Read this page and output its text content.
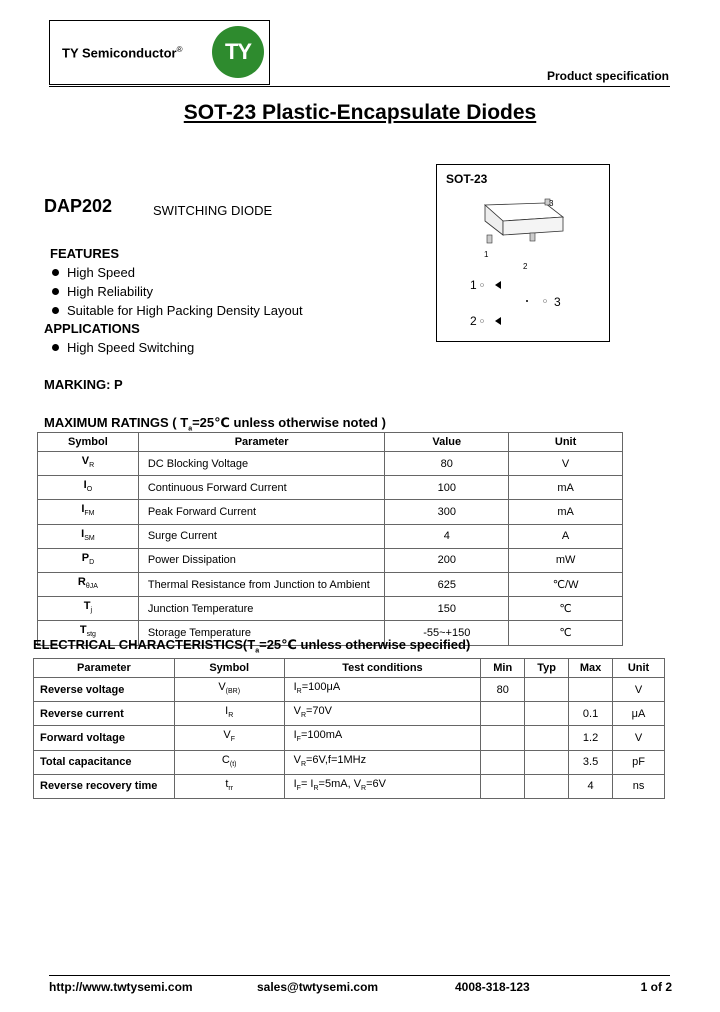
TY Semiconductor®	TY
Product specification
SOT-23 Plastic-Encapsulate Diodes
DAP202	SWITCHING DIODE
FEATURES
High Speed
High Reliability
Suitable for High Packing Density Layout
APPLICATIONS
High Speed Switching
MARKING: P
SOT-23
3
1
2
1
3
2
MAXIMUM RATINGS ( $T_a=25℃$ unless otherwise noted )
Symbol	Parameter	Value	Unit
$V_R$	DC Blocking Voltage	80	V
$I_O$	Continuous Forward Current	100	mA
$I_{FM}$	Peak Forward Current	300	mA
$I_{SM}$	Surge Current	4	A
$P_D$	Power Dissipation	200	mW
$R_{\theta JA}$	Thermal Resistance from Junction to Ambient	625	℃/W
$T_j$	Junction Temperature	150	℃
$T_{stg}$	Storage Temperature	-55~+150	℃
ELECTRICAL $CHARACTERISTICS(T_a=25℃$ unless otherwise specified)
Parameter	Symbol	Test conditions	Min	Typ	Max	Unit
Reverse voltage	$V_{(BR)}$	$I_R=100\mu A$	80			V
Reverse current	$I_R$	$V_R=70V$			0.1	μA
Forward voltage	$V_F$	$I_F=100mA$			1.2	V
Total capacitance	$C_{(t)}$	$V_R=6V,f=1MHz$			3.5	pF
Reverse recovery time	$t_{rr}$	$I_F= I_R=5mA$, $V_R=6V$			4	ns
http://www.twtysemi.com	sales@twtysemi.com	4008-318-123	1 of 2
